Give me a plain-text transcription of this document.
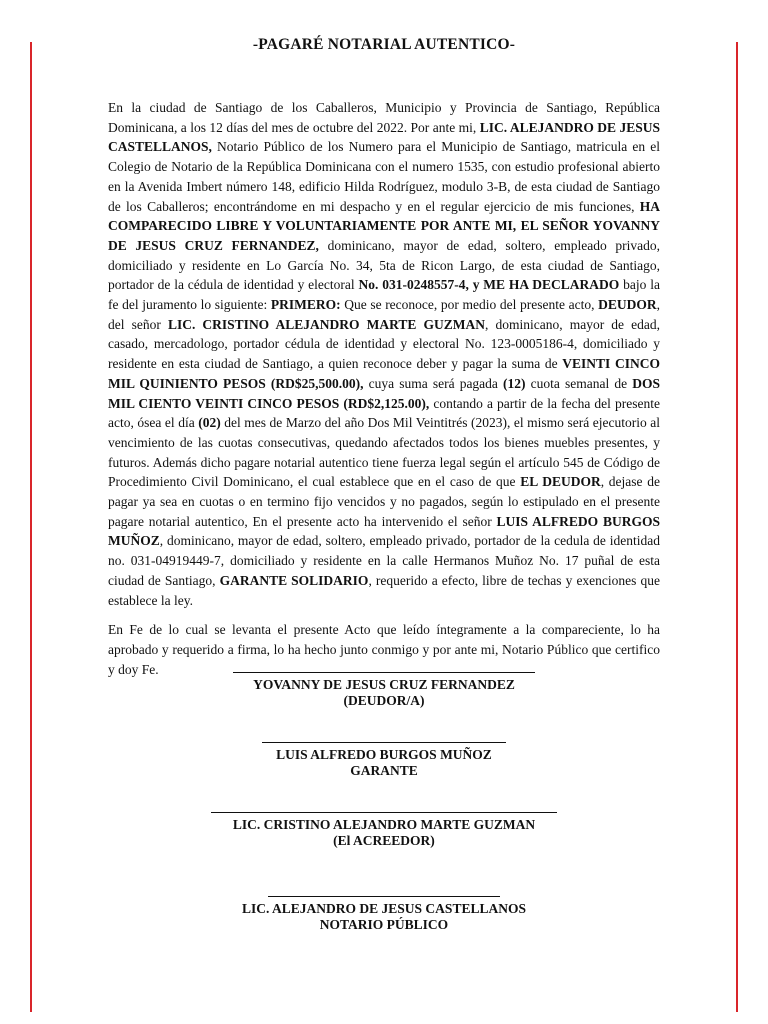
-PAGARÉ NOTARIAL AUTENTICO-

En la ciudad de Santiago de los Caballeros, Municipio y Provincia de Santiago, República Dominicana, a los 12 días del mes de octubre del 2022. Por ante mi, LIC. ALEJANDRO DE JESUS CASTELLANOS, Notario Público de los Numero para el Municipio de Santiago, matricula en el Colegio de Notario de la República Dominicana con el numero 1535, con estudio profesional abierto en la Avenida Imbert número 148, edificio Hilda Rodríguez, modulo 3-B, de esta ciudad de Santiago de los Caballeros; encontrándome en mi despacho y en el regular ejercicio de mis funciones, HA COMPARECIDO LIBRE Y VOLUNTARIAMENTE POR ANTE MI, EL SEÑOR YOVANNY DE JESUS CRUZ FERNANDEZ, dominicano, mayor de edad, soltero, empleado privado, domiciliado y residente en Lo García No. 34, 5ta de Ricon Largo, de esta ciudad de Santiago, portador de la cédula de identidad y electoral No. 031-0248557-4, y ME HA DECLARADO bajo la fe del juramento lo siguiente: PRIMERO: Que se reconoce, por medio del presente acto, DEUDOR, del señor LIC. CRISTINO ALEJANDRO MARTE GUZMAN, dominicano, mayor de edad, casado, mercadologo, portador cédula de identidad y electoral No. 123-0005186-4, domiciliado y residente en esta ciudad de Santiago, a quien reconoce deber y pagar la suma de VEINTI CINCO MIL QUINIENTO PESOS (RD$25,500.00), cuya suma será pagada (12) cuota semanal de DOS MIL CIENTO VEINTI CINCO PESOS (RD$2,125.00), contando a partir de la fecha del presente acto, ósea el día (02) del mes de Marzo del año Dos Mil Veintitrés (2023), el mismo será ejecutorio al vencimiento de las cuotas consecutivas, quedando afectados todos los bienes muebles presentes, y futuros. Además dicho pagare notarial autentico tiene fuerza legal según el artículo 545 de Código de Procedimiento Civil Dominicano, el cual establece que en el caso de que EL DEUDOR, dejase de pagar ya sea en cuotas o en termino fijo vencidos y no pagados, según lo estipulado en el presente pagare notarial autentico, En el presente acto ha intervenido el señor LUIS ALFREDO BURGOS MUÑOZ, dominicano, mayor de edad, soltero, empleado privado, portador de la cedula de identidad no. 031-04919449-7, domiciliado y residente en la calle Hermanos Muñoz No. 17 puñal de esta ciudad de Santiago, GARANTE SOLIDARIO, requerido a efecto, libre de techas y exenciones que establece la ley.

En Fe de lo cual se levanta el presente Acto que leído íntegramente a la compareciente, lo ha aprobado y requerido a firma, lo ha hecho junto conmigo y por ante mi, Notario Público que certifico y doy Fe.

YOVANNY DE JESUS CRUZ FERNANDEZ
(DEUDOR/A)
LUIS ALFREDO BURGOS MUÑOZ
GARANTE
LIC. CRISTINO ALEJANDRO MARTE GUZMAN
(El ACREEDOR)
LIC. ALEJANDRO DE JESUS CASTELLANOS
NOTARIO PÚBLICO
